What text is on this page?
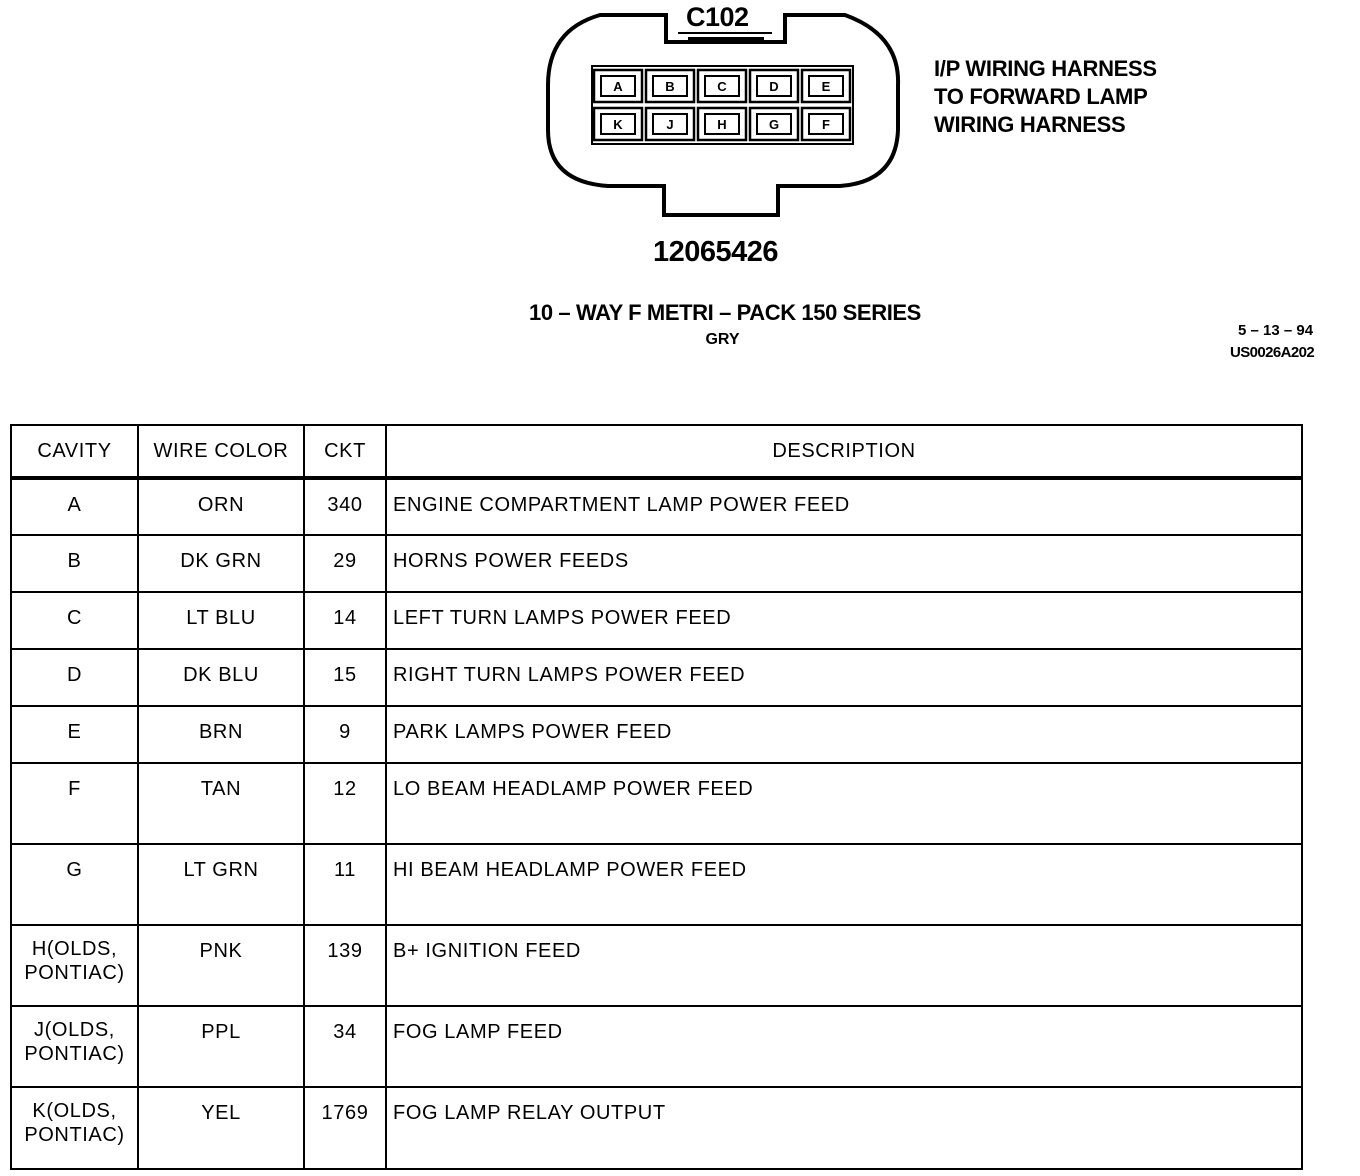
A	B	C	D	E
K	J	H	G	F
C102
I/P WIRING HARNESS
TO FORWARD LAMP
WIRING HARNESS
12065426
10 – WAY F METRI – PACK 150 SERIES
GRY
5 – 13 – 94
US0026A202
CAVITY	WIRE COLOR	CKT	DESCRIPTION
A	ORN	340	ENGINE COMPARTMENT LAMP POWER FEED
B	DK GRN	29	HORNS POWER FEEDS
C	LT BLU	14	LEFT TURN LAMPS POWER FEED
D	DK BLU	15	RIGHT TURN LAMPS POWER FEED
E	BRN	9	PARK LAMPS POWER FEED
F	TAN	12	LO BEAM HEADLAMP POWER FEED
G	LT GRN	11	HI BEAM HEADLAMP POWER FEED

H(OLDS,
PONTIAC)	PNK	139	B+ IGNITION FEED

J(OLDS,
PONTIAC)	PPL	34	FOG LAMP FEED

K(OLDS,
PONTIAC)	YEL	1769	FOG LAMP RELAY OUTPUT
